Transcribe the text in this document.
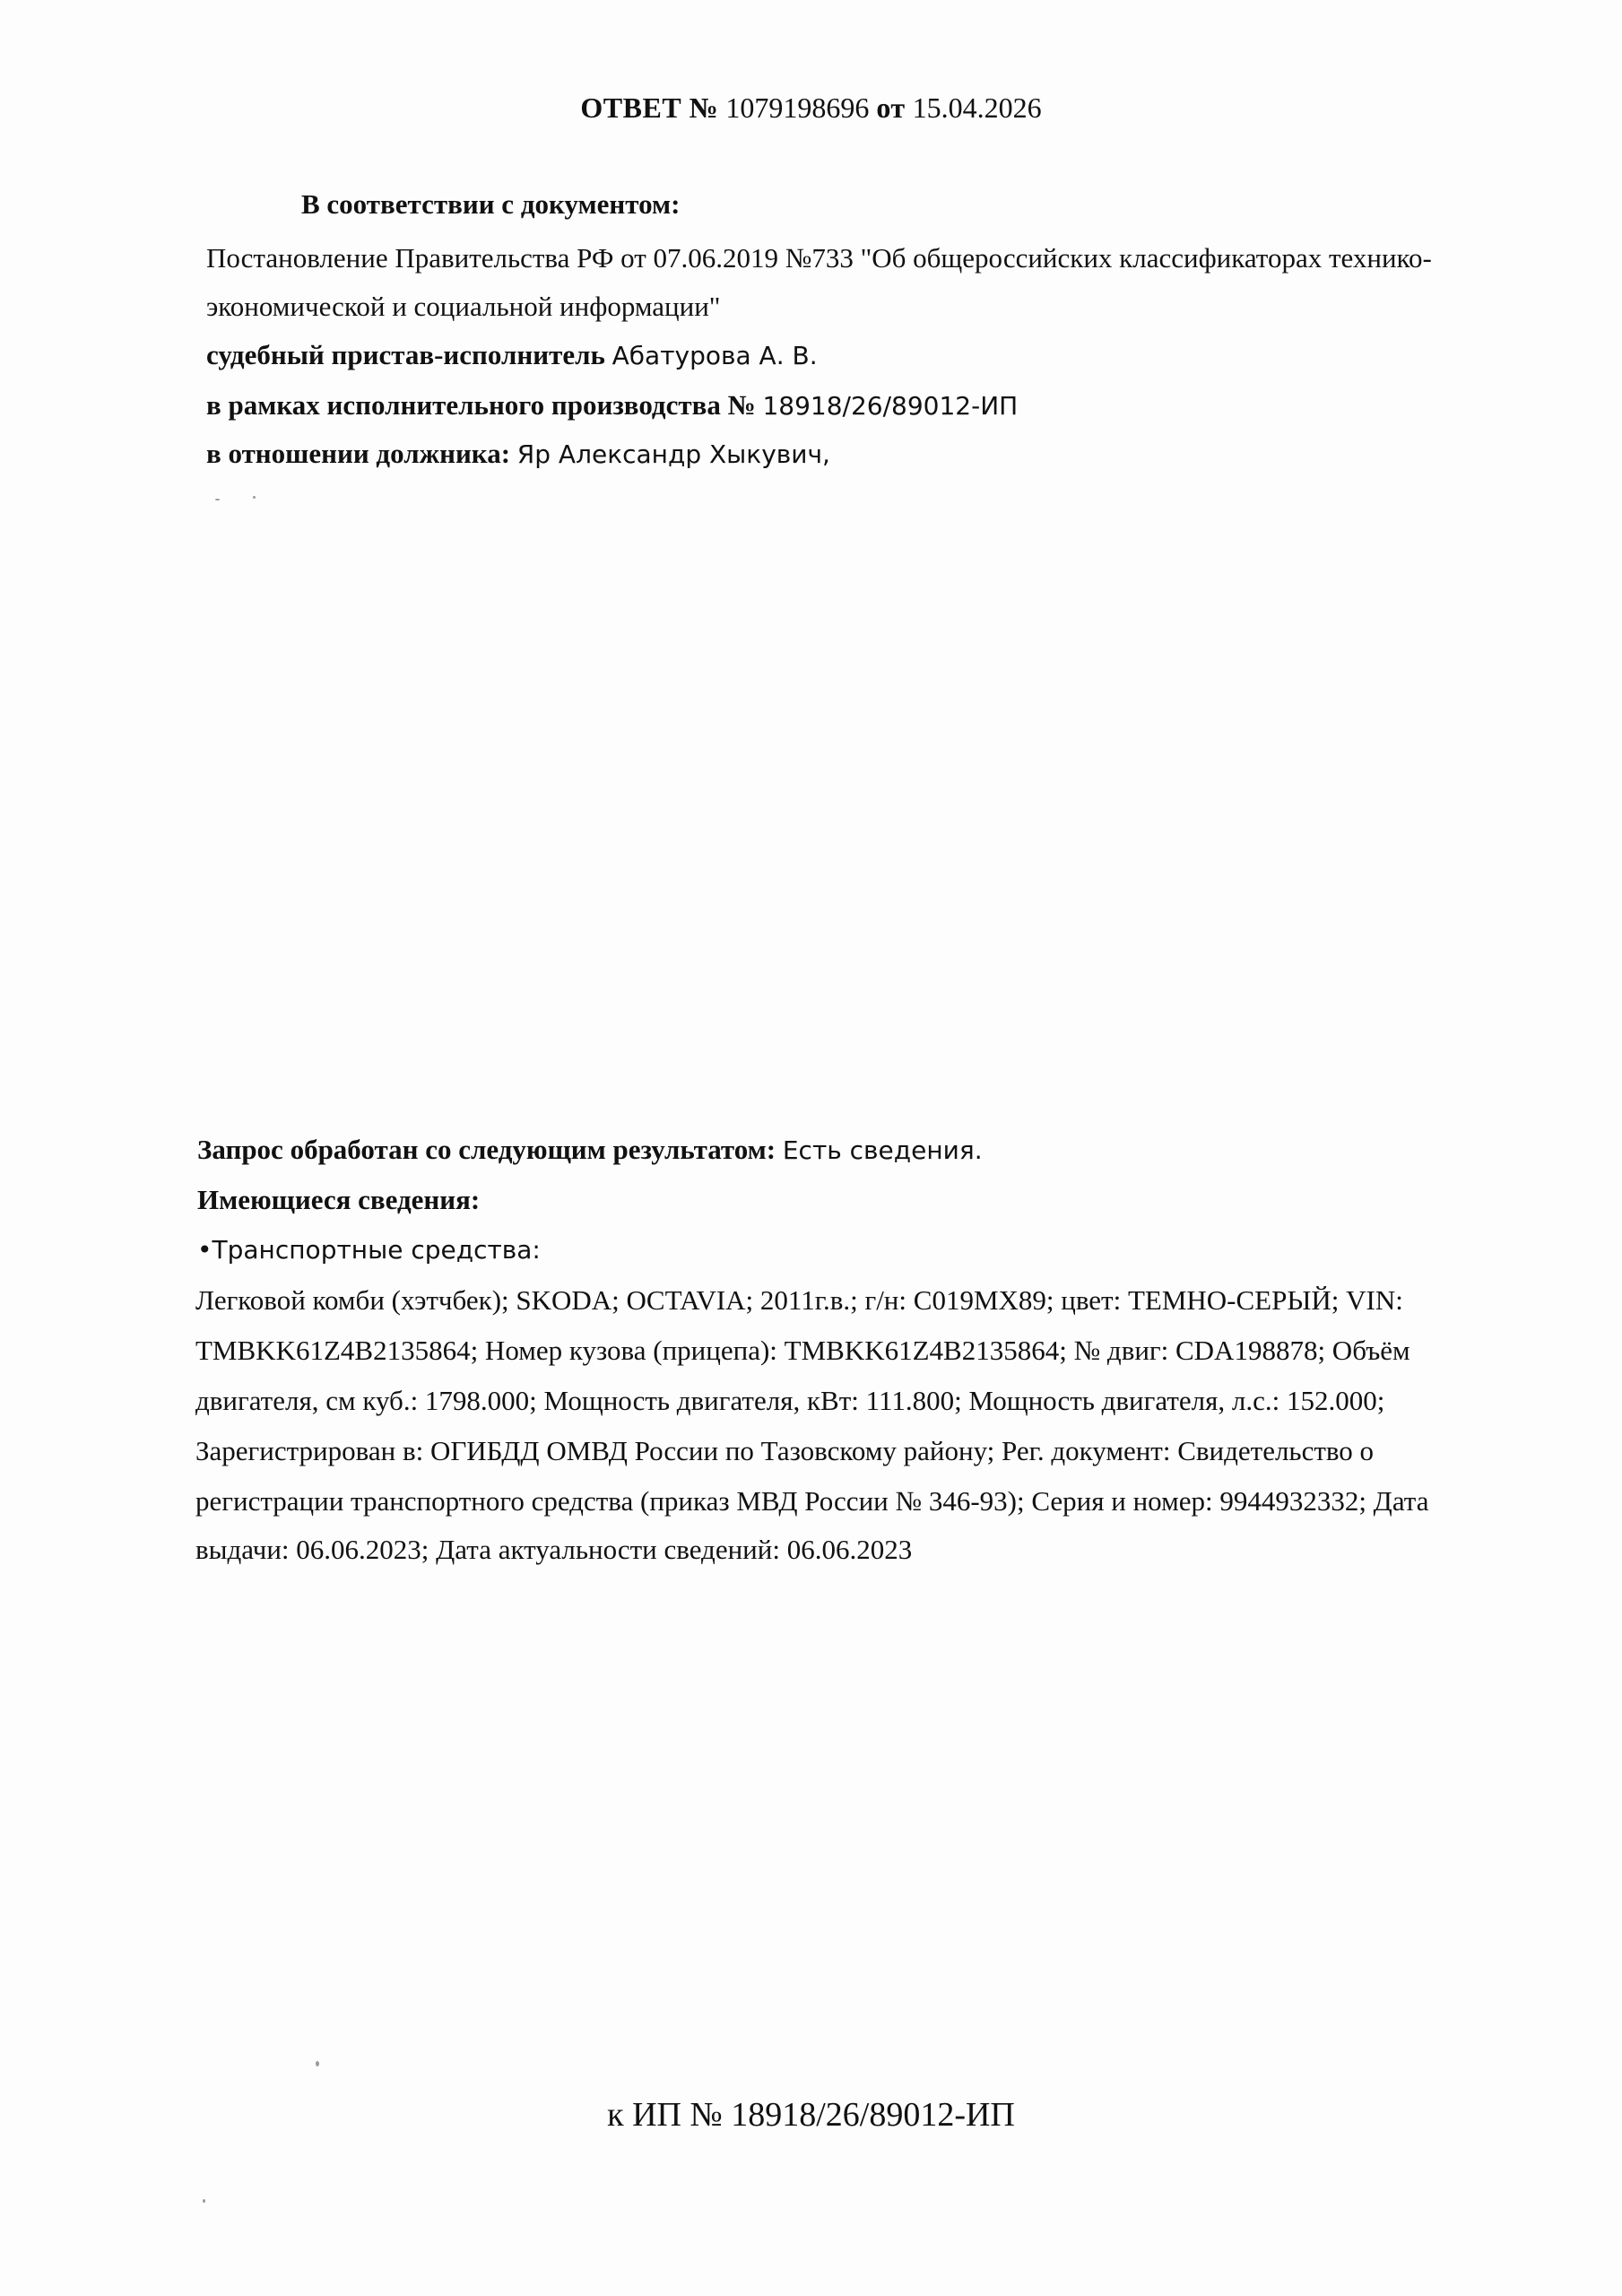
ОТВЕТ № 1079198696 от 15.04.2026
В соответствии с документом:
Постановление Правительства РФ от 07.06.2019 №733 "Об общероссийских классификаторах технико-
экономической и социальной информации"
судебный пристав-исполнитель Абатурова А. В.
в рамках исполнительного производства № 18918/26/89012-ИП
в отношении должника: Яр Александр Хыкувич,
Запрос обработан со следующим результатом: Есть сведения.
Имеющиеся сведения:
•Транспортные средства:
Легковой комби (хэтчбек); SKODA; OCTAVIA; 2011г.в.; г/н: С019МХ89; цвет: ТЕМНО-СЕРЫЙ; VIN:
TMBKK61Z4B2135864; Номер кузова (прицепа): TMBKK61Z4B2135864; № двиг: CDA198878; Объём
двигателя, см куб.: 1798.000; Мощность двигателя, кВт: 111.800; Мощность двигателя, л.с.: 152.000;
Зарегистрирован в: ОГИБДД ОМВД России по Тазовскому району; Рег. документ: Свидетельство о
регистрации транспортного средства (приказ МВД России № 346-93); Серия и номер: 9944932332; Дата
выдачи: 06.06.2023; Дата актуальности сведений: 06.06.2023
к ИП № 18918/26/89012-ИП
